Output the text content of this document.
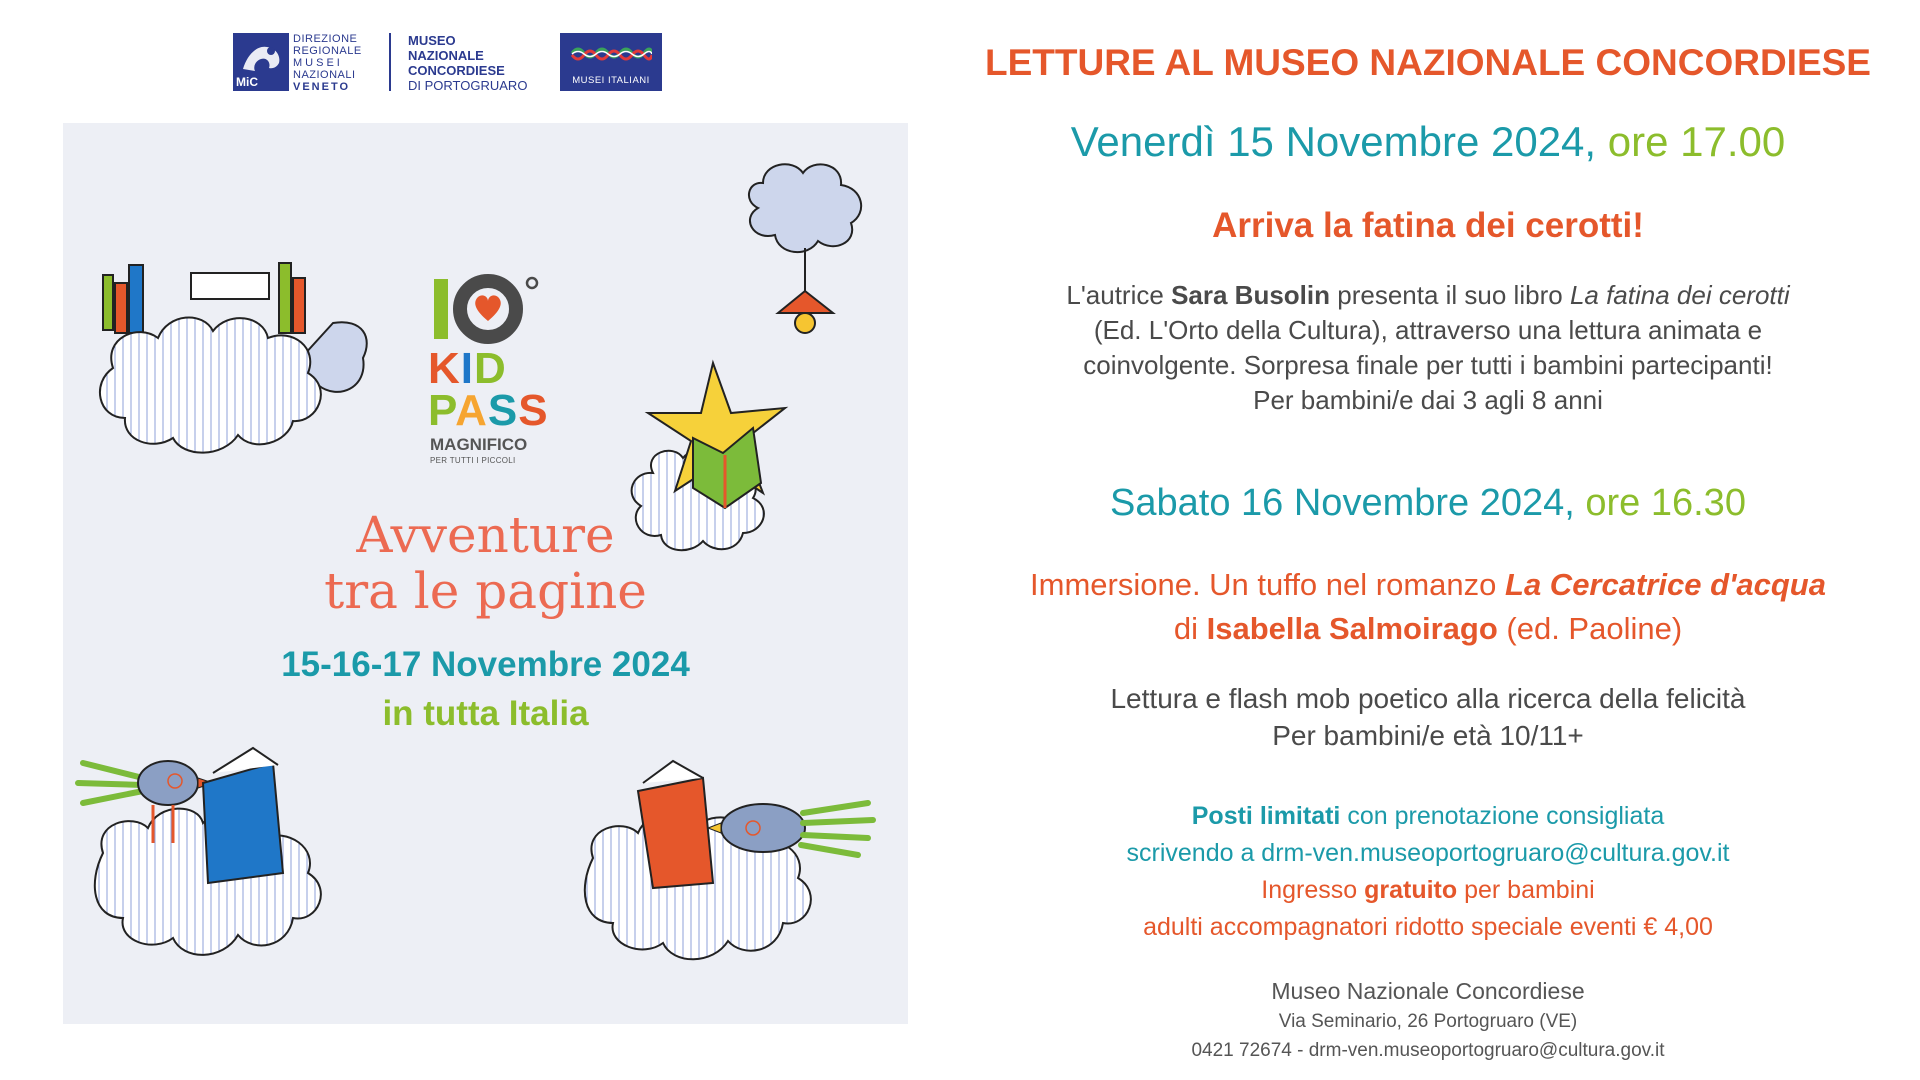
MiC
DIREZIONE
REGIONALE
MUSEI
NAZIONALI
VENETO
MUSEO
NAZIONALE
CONCORDIESE
DI PORTOGRUARO	MUSEI ITALIANI
KID
PASS
MAGNIFICO
PER TUTTI I PICCOLI
Avventure
tra le pagine
15-16-17 Novembre 2024
in tutta Italia
LETTURE AL MUSEO NAZIONALE CONCORDIESE
Venerdì 15 Novembre 2024, ore 17.00
Arriva la fatina dei cerotti!
L'autrice Sara Busolin presenta il suo libro La fatina dei cerotti
(Ed. L'Orto della Cultura), attraverso una lettura animata e
coinvolgente. Sorpresa finale per tutti i bambini partecipanti!
Per bambini/e dai 3 agli 8 anni
Sabato 16 Novembre 2024, ore 16.30
Immersione. Un tuffo nel romanzo La Cercatrice d'acqua
di Isabella Salmoirago (ed. Paoline)
Lettura e flash mob poetico alla ricerca della felicità
Per bambini/e età 10/11+
Posti limitati con prenotazione consigliata
scrivendo a drm-ven.museoportogruaro@cultura.gov.it
Ingresso gratuito per bambini
adulti accompagnatori ridotto speciale eventi € 4,00
Museo Nazionale Concordiese
Via Seminario, 26 Portogruaro (VE)
0421 72674 - drm-ven.museoportogruaro@cultura.gov.it
